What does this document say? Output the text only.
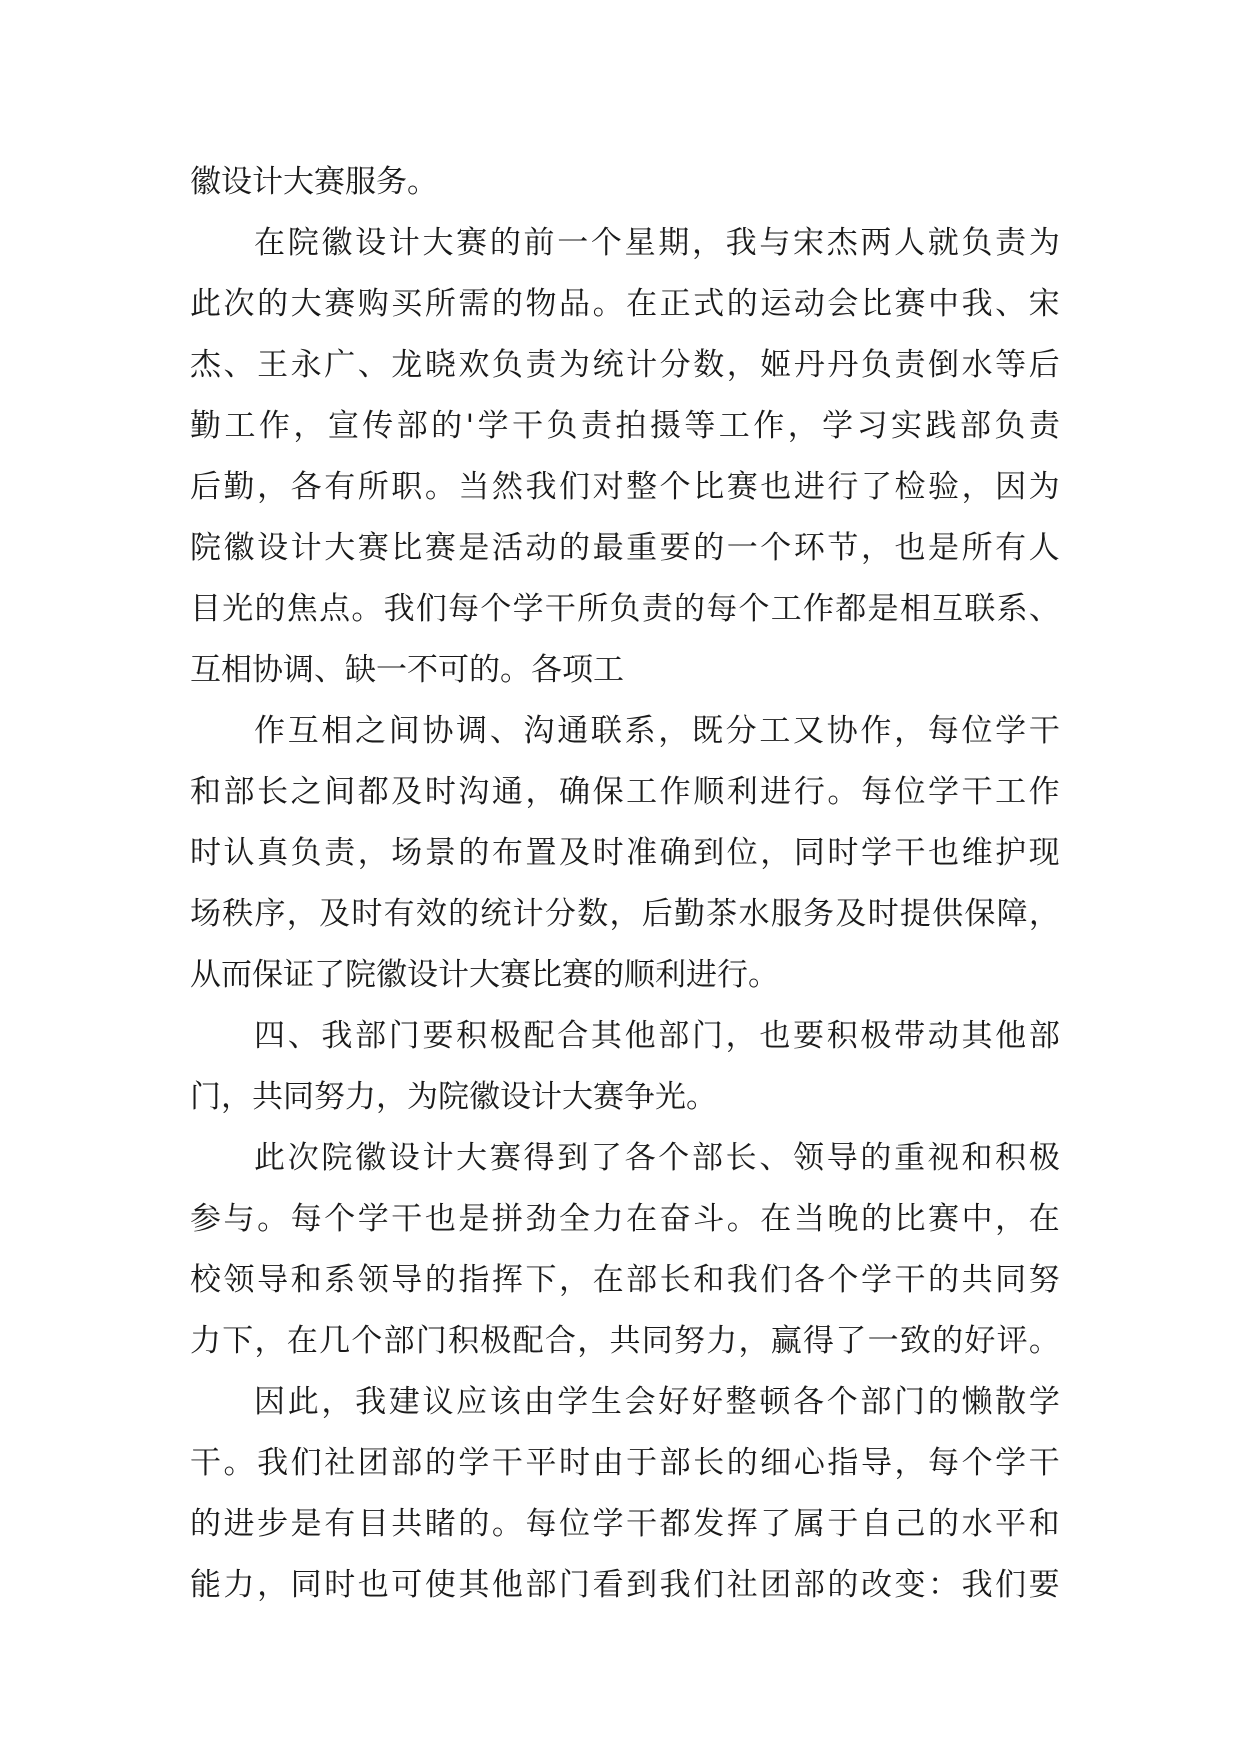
徽设计大赛服务。
在 院 徽 设 计 大 赛 的 前 一 个 星 期 ， 我 与 宋 杰 两 人 就 负 责 为
此 次 的 大 赛 购 买 所 需 的 物 品 。 在 正 式 的 运 动 会 比 赛 中 我 、 宋
杰 、 王 永 广 、 龙 晓 欢 负 责 为 统 计 分 数 ， 姬 丹 丹 负 责 倒 水 等 后
勤 工 作 ， 宣 传 部 的 ' 学 干 负 责 拍 摄 等 工 作 ， 学 习 实 践 部 负 责
后 勤 ， 各 有 所 职 。 当 然 我 们 对 整 个 比 赛 也 进 行 了 检 验 ， 因 为
院 徽 设 计 大 赛 比 赛 是 活 动 的 最 重 要 的 一 个 环 节 ， 也 是 所 有 人
目 光 的 焦 点 。 我 们 每 个 学 干 所 负 责 的 每 个 工 作 都 是 相 互 联 系 、
互相协调、缺一不可的。各项工
作 互 相 之 间 协 调 、 沟 通 联 系 ， 既 分 工 又 协 作 ， 每 位 学 干
和 部 长 之 间 都 及 时 沟 通 ， 确 保 工 作 顺 利 进 行 。 每 位 学 干 工 作
时 认 真 负 责 ， 场 景 的 布 置 及 时 准 确 到 位 ， 同 时 学 干 也 维 护 现
场 秩 序 ， 及 时 有 效 的 统 计 分 数 ， 后 勤 茶 水 服 务 及 时 提 供 保 障 ，
从而保证了院徽设计大赛比赛的顺利进行。
四 、 我 部 门 要 积 极 配 合 其 他 部 门 ， 也 要 积 极 带 动 其 他 部
门，共同努力，为院徽设计大赛争光。
此 次 院 徽 设 计 大 赛 得 到 了 各 个 部 长 、 领 导 的 重 视 和 积 极
参 与 。 每 个 学 干 也 是 拼 劲 全 力 在 奋 斗 。 在 当 晚 的 比 赛 中 ， 在
校 领 导 和 系 领 导 的 指 挥 下 ， 在 部 长 和 我 们 各 个 学 干 的 共 同 努
力 下 ， 在 几 个 部 门 积 极 配 合 ， 共 同 努 力 ， 赢 得 了 一 致 的 好 评 。
因 此 ， 我 建 议 应 该 由 学 生 会 好 好 整 顿 各 个 部 门 的 懒 散 学
干 。 我 们 社 团 部 的 学 干 平 时 由 于 部 长 的 细 心 指 导 ， 每 个 学 干
的 进 步 是 有 目 共 睹 的 。 每 位 学 干 都 发 挥 了 属 于 自 己 的 水 平 和
能 力 ， 同 时 也 可 使 其 他 部 门 看 到 我 们 社 团 部 的 改 变 ： 我 们 要
